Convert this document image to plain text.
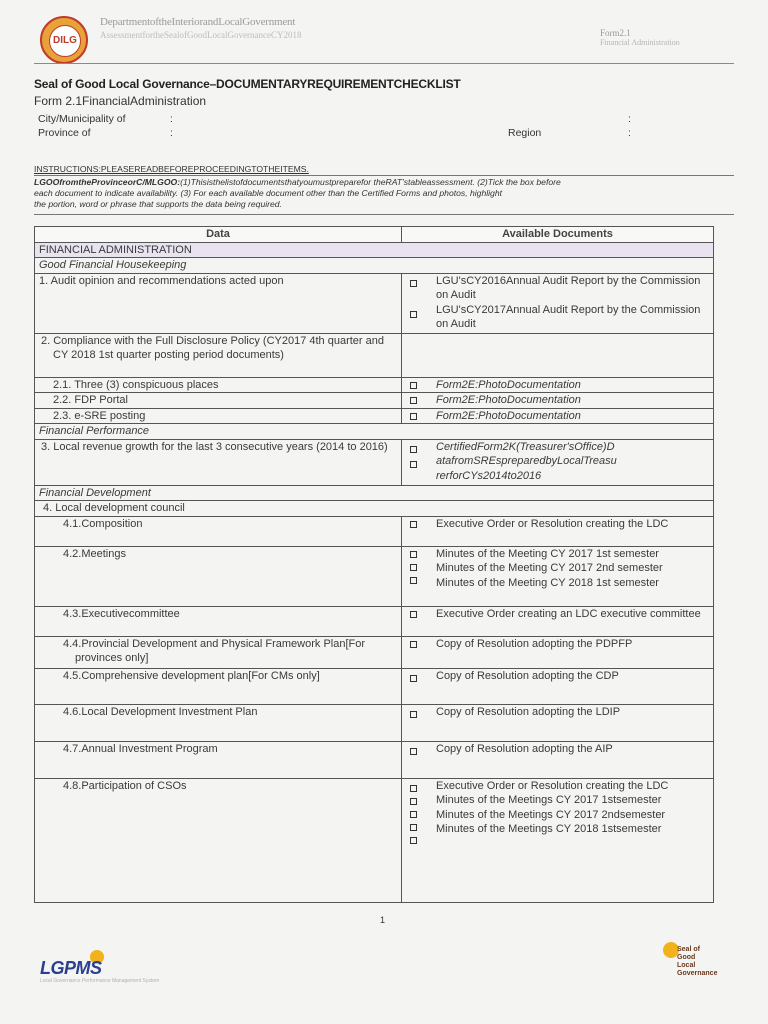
DILG
DepartmentoftheInteriorandLocalGovernment
AssessmentfortheSealofGoodLocalGovernanceCY2018	Form2.1
Financial Administration
Seal of Good Local Governance–DOCUMENTARYREQUIREMENTCHECKLIST
Form 2.1FinancialAdministration
City/Municipality of	:
Province of	:	Region
:
:
INSTRUCTIONS:PLEASEREADBEFOREPROCEEDINGTOTHEITEMS.
LGOOfromtheProvinceorC/MLGOO:(1)Thisisthelistofdocumentsthatyoumustpreparefor theRAT'stableassessment. (2)Tick the box before
each document to indicate availability. (3) For each available document other than the Certified Forms and photos, highlight
the portion, word or phrase that supports the data being required.
Data	Available Documents
FINANCIAL ADMINISTRATION	
Good Financial Housekeeping	
1. Audit opinion and recommendations acted upon	LGU'sCY2016Annual Audit Report by the Commission on Audit
LGU'sCY2017Annual Audit Report by the Commission on Audit

2. Compliance with the Full Disclosure Policy (CY2017 4th quarter and CY 2018 1st quarter posting period documents)	
2.1. Three (3) conspicuous places	Form2E:PhotoDocumentation

2.2. FDP Portal	Form2E:PhotoDocumentation

2.3. e-SRE posting	Form2E:PhotoDocumentation

Financial Performance	
3. Local revenue growth for the last 3 consecutive years (2014 to 2016)	CertifiedForm2K(Treasurer'sOffice)D atafromSREspreparedbyLocalTreasu rerforCYs2014to2016

Financial Development	
4. Local development council	
4.1.Composition	Executive Order or Resolution creating the LDC

4.2.Meetings	Minutes of the Meeting CY 2017 1st semester
Minutes of the Meeting CY 2017 2nd semester
Minutes of the Meeting CY 2018 1st semester

4.3.Executivecommittee	Executive Order creating an LDC executive committee

4.4.Provincial Development and Physical Framework Plan[For provinces only]	Copy of Resolution adopting the PDPFP

4.5.Comprehensive development plan[For CMs only]	Copy of Resolution adopting the CDP

4.6.Local Development Investment Plan	Copy of Resolution adopting the LDIP

4.7.Annual Investment Program	Copy of Resolution adopting the AIP

4.8.Participation of CSOs	Executive Order or Resolution creating the LDC
Minutes of the Meetings CY 2017 1stsemester
Minutes of the Meetings CY 2017 2ndsemester
Minutes of the Meetings CY 2018 1stsemester
1
LGPMS
Local Governance Performance Management System
Seal of
Good
Local
Governance
